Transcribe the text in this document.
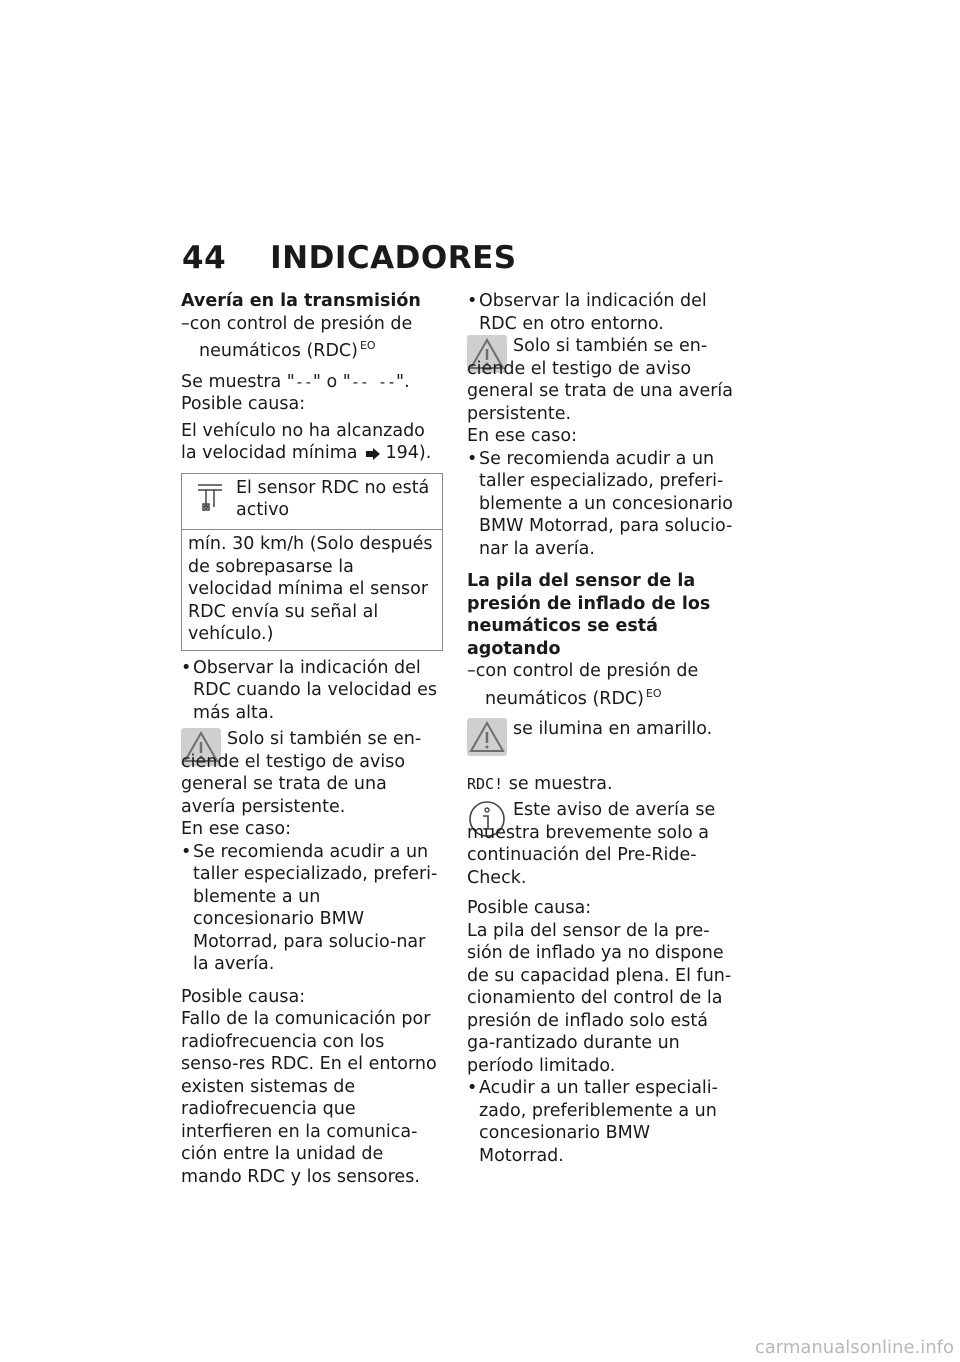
44 INDICADORES

Avería en la transmisión

–con control de presión de neumáticos (RDC) $^{EO}$

Se muestra "--" o "-- --".

Posible causa:

El vehículo no ha alcanzado la velocidad mínima 194).

El sensor RDC no está activo
mín. 30 km/h (Solo después de sobrepasarse la velocidad mínima el sensor RDC envía su señal al vehículo.)

• Observar la indicación del RDC cuando la velocidad es más alta.

Solo si también se en-ciende el testigo de aviso general se trata de una avería persistente.

En ese caso:

• Se recomienda acudir a un taller especializado, preferi-blemente a un concesionario BMW Motorrad, para solucio-nar la avería.

Posible causa:

Fallo de la comunicación por radiofrecuencia con los senso-res RDC. En el entorno existen sistemas de radiofrecuencia que interfieren en la comunica-ción entre la unidad de mando RDC y los sensores.

• Observar la indicación del RDC en otro entorno.

Solo si también se en-ciende el testigo de aviso general se trata de una avería persistente.

En ese caso:

• Se recomienda acudir a un taller especializado, preferi-blemente a un concesionario BMW Motorrad, para solucio-nar la avería.

La pila del sensor de la presión de inflado de los neumáticos se está agotando

–con control de presión de neumáticos (RDC) $^{EO}$

se ilumina en amarillo.

RDC! se muestra.

Este aviso de avería se muestra brevemente solo a continuación del Pre-Ride-Check.

Posible causa:

La pila del sensor de la pre-sión de inflado ya no dispone de su capacidad plena. El fun-cionamiento del control de la presión de inflado solo está ga-rantizado durante un período limitado.

• Acudir a un taller especiali-zado, preferiblemente a un concesionario BMW Motorrad.

carmanualsonline.info
